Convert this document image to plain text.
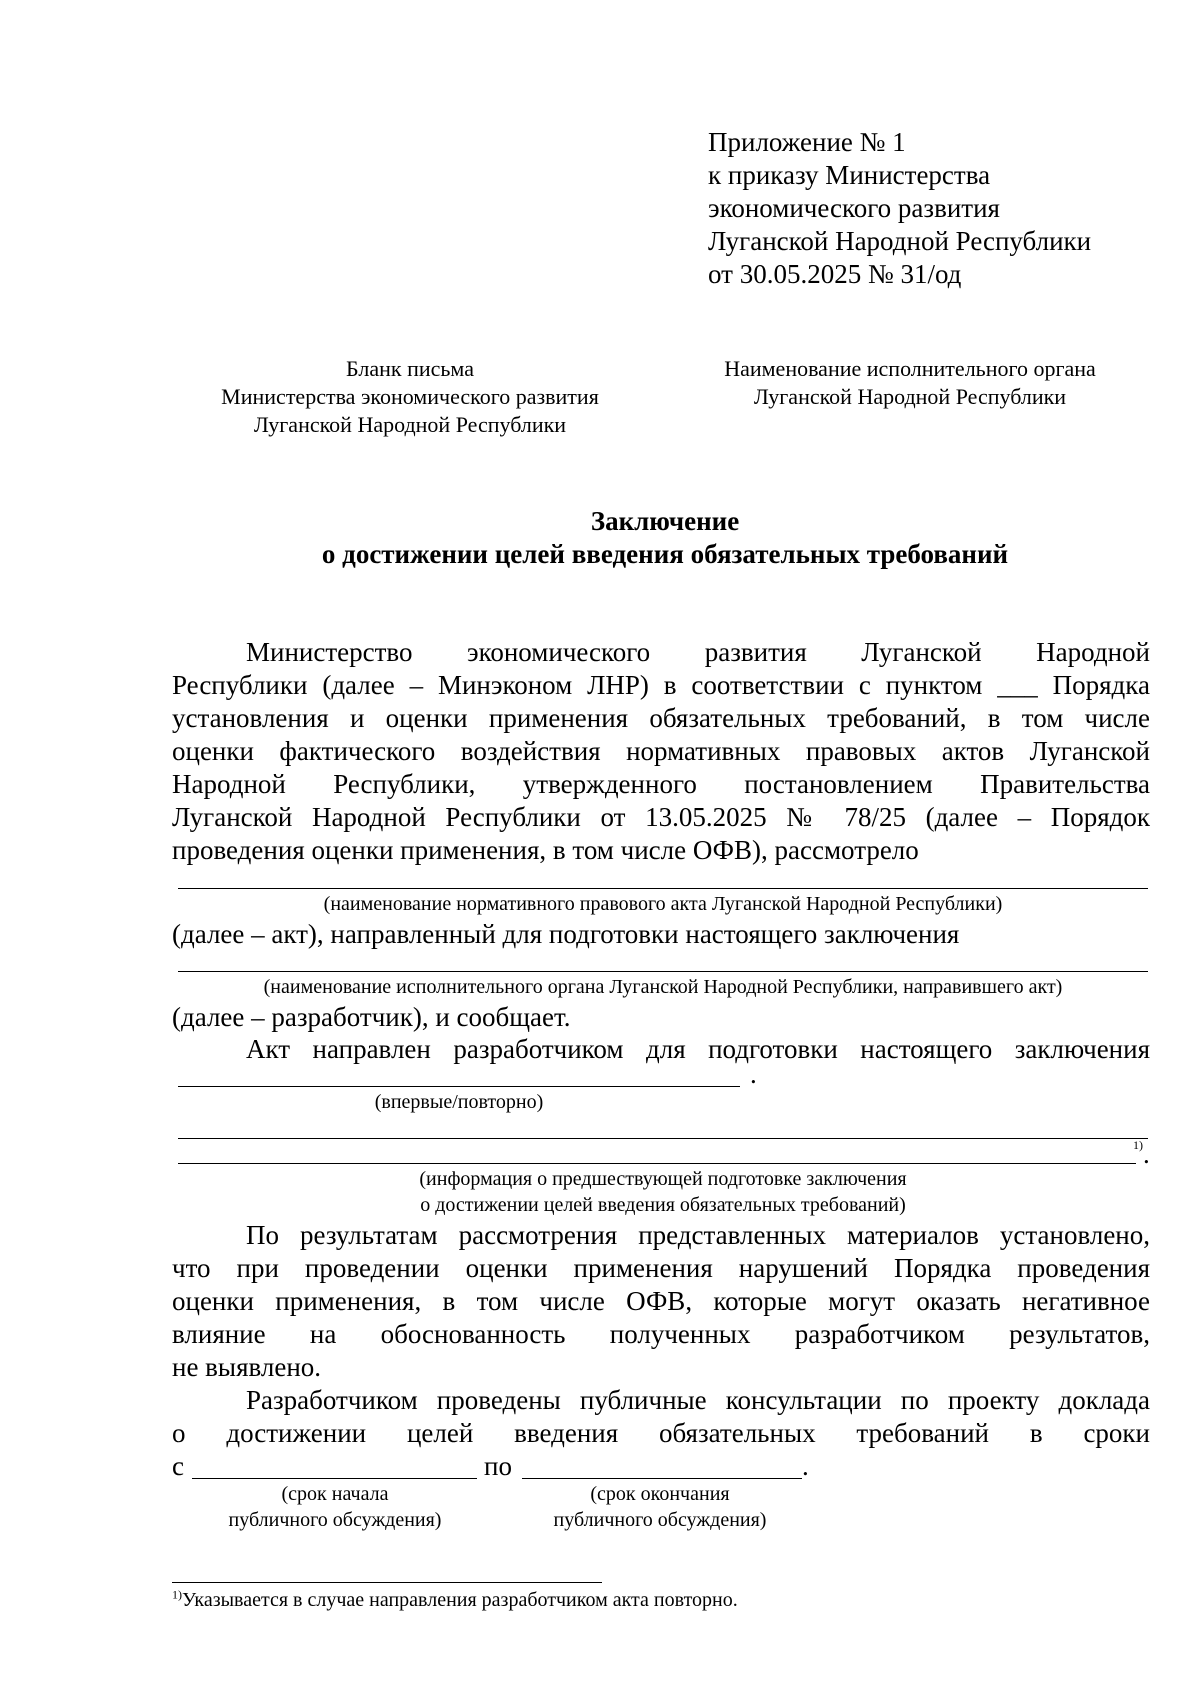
Приложение № 1
к приказу Министерства
экономического развития
Луганской Народной Республики
от 30.05.2025 № 31/од
Бланк письма
Министерства экономического развития
Луганской Народной Республики
Наименование исполнительного органа
Луганской Народной Республики
Заключение
о достижении целей введения обязательных требований
Министерство экономического развития Луганской Народной
Республики (далее – Минэконом ЛНР) в соответствии с пунктом ___ Порядка
установления и оценки применения обязательных требований, в том числе
оценки фактического воздействия нормативных правовых актов Луганской
Народной Республики, утвержденного постановлением Правительства
Луганской Народной Республики от 13.05.2025 № 78/25 (далее – Порядок
проведения оценки применения, в том числе ОФВ), рассмотрело
(наименование нормативного правового акта Луганской Народной Республики)
(далее – акт), направленный для подготовки настоящего заключения
(наименование исполнительного органа Луганской Народной Республики, направившего акт)
(далее – разработчик), и сообщает.
Акт направлен разработчиком для подготовки настоящего заключения
.
(впервые/повторно)
1) .
(информация о предшествующей подготовке заключения
о достижении целей введения обязательных требований)
По результатам рассмотрения представленных материалов установлено,
что при проведении оценки применения нарушений Порядка проведения
оценки применения, в том числе ОФВ, которые могут оказать негативное
влияние на обоснованность полученных разработчиком результатов,
не выявлено.
Разработчиком проведены публичные консультации по проекту доклада
о достижении целей введения обязательных требований в сроки
с	по	.
(срок начала
публичного обсуждения)
(срок окончания
публичного обсуждения)
$^{1)}$Указывается в случае направления разработчиком акта повторно.
